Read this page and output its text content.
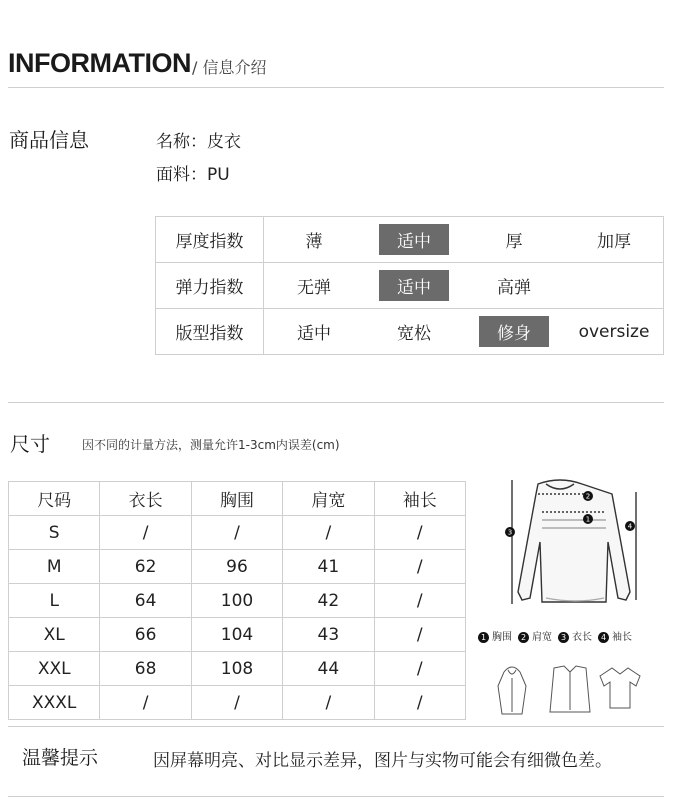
INFORMATION / 信息介绍
商品信息	名称：皮衣
面料：PU
厚度指数	薄 适中 厚 加厚

弹力指数	无弹 适中 高弹

版型指数	适中 宽松 修身 oversize
尺寸	因不同的计量方法，测量允许1-3cm内误差(cm)
尺码	衣长	胸围	肩宽	袖长
S	/	/	/	/
M	62	96	41	/
L	64	100	42	/
XL	66	104	43	/
XXL	68	108	44	/
XXXL	/	/	/	/
2
1
3
4
1 胸围	2 肩宽	3 衣长	4 袖长
温馨提示	因屏幕明亮、对比显示差异，图片与实物可能会有细微色差。
